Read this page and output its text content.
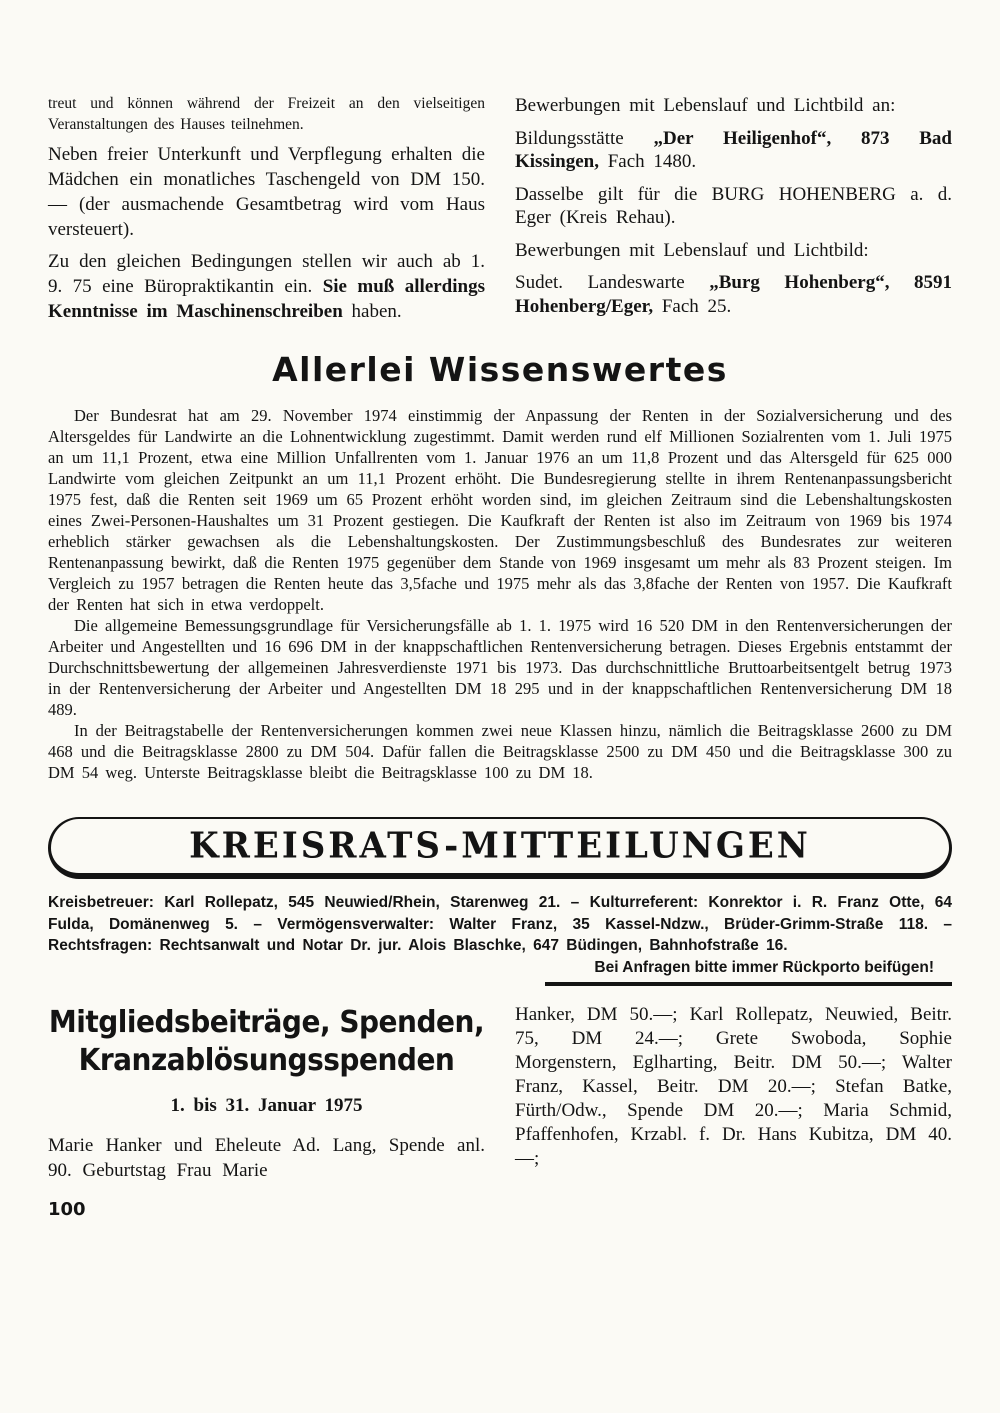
treut und können während der Freizeit an den vielseitigen Veranstaltungen des Hauses teilnehmen.

Neben freier Unterkunft und Verpflegung erhalten die Mädchen ein monatliches Taschengeld von DM 150.— (der ausmachende Gesamtbetrag wird vom Haus versteuert).

Zu den gleichen Bedingungen stellen wir auch ab 1. 9. 75 eine Büropraktikantin ein. Sie muß allerdings Kenntnisse im Maschinenschreiben haben.

Bewerbungen mit Lebenslauf und Lichtbild an:

Bildungsstätte „Der Heiligenhof“, 873 Bad Kissingen, Fach 1480.

Dasselbe gilt für die BURG HOHENBERG a. d. Eger (Kreis Rehau).

Bewerbungen mit Lebenslauf und Lichtbild:

Sudet. Landeswarte „Burg Hohenberg“, 8591 Hohenberg/Eger, Fach 25.

Allerlei Wissenswertes

Der Bundesrat hat am 29. November 1974 einstimmig der Anpassung der Renten in der Sozialversicherung und des Altersgeldes für Landwirte an die Lohnentwicklung zugestimmt. Damit werden rund elf Millionen Sozialrenten vom 1. Juli 1975 an um 11,1 Prozent, etwa eine Million Unfallrenten vom 1. Januar 1976 an um 11,8 Prozent und das Altersgeld für 625 000 Landwirte vom gleichen Zeitpunkt an um 11,1 Prozent erhöht. Die Bundesregierung stellte in ihrem Rentenanpassungsbericht 1975 fest, daß die Renten seit 1969 um 65 Prozent erhöht worden sind, im gleichen Zeitraum sind die Lebenshaltungskosten eines Zwei-Personen-Haushaltes um 31 Prozent gestiegen. Die Kaufkraft der Renten ist also im Zeitraum von 1969 bis 1974 erheblich stärker gewachsen als die Lebenshaltungskosten. Der Zustimmungsbeschluß des Bundesrates zur weiteren Rentenanpassung bewirkt, daß die Renten 1975 gegenüber dem Stande von 1969 insgesamt um mehr als 83 Prozent steigen. Im Vergleich zu 1957 betragen die Renten heute das 3,5fache und 1975 mehr als das 3,8fache der Renten von 1957. Die Kaufkraft der Renten hat sich in etwa verdoppelt.

Die allgemeine Bemessungsgrundlage für Versicherungsfälle ab 1. 1. 1975 wird 16 520 DM in den Rentenversicherungen der Arbeiter und Angestellten und 16 696 DM in der knappschaftlichen Rentenversicherung betragen. Dieses Ergebnis entstammt der Durchschnittsbewertung der allgemeinen Jahresverdienste 1971 bis 1973. Das durchschnittliche Bruttoarbeitsentgelt betrug 1973 in der Rentenversicherung der Arbeiter und Angestellten DM 18 295 und in der knappschaftlichen Rentenversicherung DM 18 489.

In der Beitragstabelle der Rentenversicherungen kommen zwei neue Klassen hinzu, nämlich die Beitragsklasse 2600 zu DM 468 und die Beitragsklasse 2800 zu DM 504. Dafür fallen die Beitragsklasse 2500 zu DM 450 und die Beitragsklasse 300 zu DM 54 weg. Unterste Beitragsklasse bleibt die Beitragsklasse 100 zu DM 18.

KREISRATS-MITTEILUNGEN

Kreisbetreuer: Karl Rollepatz, 545 Neuwied/Rhein, Starenweg 21. – Kulturreferent: Konrektor i. R. Franz Otte, 64 Fulda, Domänenweg 5. – Vermögensverwalter: Walter Franz, 35 Kassel-Ndzw., Brüder-Grimm-Straße 118. – Rechtsfragen: Rechtsanwalt und Notar Dr. jur. Alois Blaschke, 647 Büdingen, Bahnhofstraße 16.

Bei Anfragen bitte immer Rückporto beifügen!
Mitgliedsbeiträge, Spenden, Kranzablösungsspenden
1. bis 31. Januar 1975

Marie Hanker und Eheleute Ad. Lang, Spende anl. 90. Geburtstag Frau Marie

Hanker, DM 50.—; Karl Rollepatz, Neuwied, Beitr. 75, DM 24.—; Grete Swoboda, Sophie Morgenstern, Eglharting, Beitr. DM 50.—; Walter Franz, Kassel, Beitr. DM 20.—; Stefan Batke, Fürth/Odw., Spende DM 20.—; Maria Schmid, Pfaffenhofen, Krzabl. f. Dr. Hans Kubitza, DM 40.—;

100
